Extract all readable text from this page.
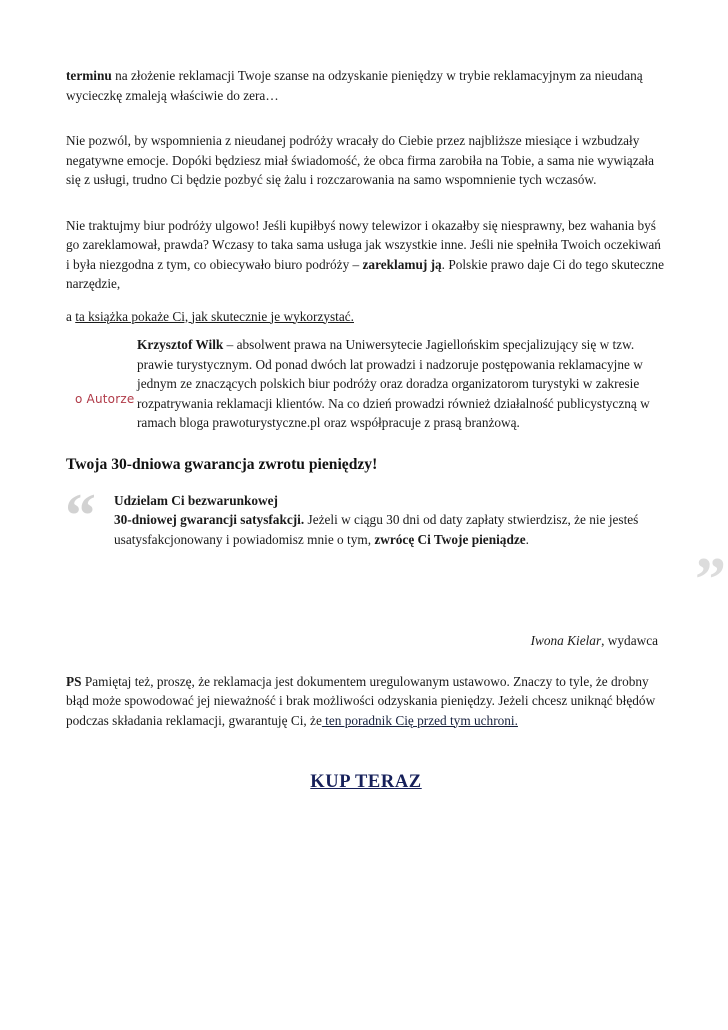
terminu na złożenie reklamacji Twoje szanse na odzyskanie pieniędzy w trybie reklamacyjnym za nieudaną wycieczkę zmaleją właściwie do zera…

Nie pozwól, by wspomnienia z nieudanej podróży wracały do Ciebie przez najbliższe miesiące i wzbudzały negatywne emocje. Dopóki będziesz miał świadomość, że obca firma zarobiła na Tobie, a sama nie wywiązała się z usługi, trudno Ci będzie pozbyć się żalu i rozczarowania na samo wspomnienie tych wczasów.

Nie traktujmy biur podróży ulgowo! Jeśli kupiłbyś nowy telewizor i okazałby się niesprawny, bez wahania byś go zareklamował, prawda? Wczasy to taka sama usługa jak wszystkie inne. Jeśli nie spełniła Twoich oczekiwań i była niezgodna z tym, co obiecywało biuro podróży – zareklamuj ją. Polskie prawo daje Ci do tego skuteczne narzędzie,

a ta książka pokaże Ci, jak skutecznie je wykorzystać.

o Autorze
Krzysztof Wilk – absolwent prawa na Uniwersytecie Jagiellońskim specjalizujący się w tzw. prawie turystycznym. Od ponad dwóch lat prowadzi i nadzoruje postępowania reklamacyjne w jednym ze znaczących polskich biur podróży oraz doradza organizatorom turystyki w zakresie rozpatrywania reklamacji klientów. Na co dzień prowadzi również działalność publicystyczną w ramach bloga prawoturystyczne.pl oraz współpracuje z prasą branżową.
Twoja 30-dniowa gwarancja zwrotu pieniędzy!
“
”
Udzielam Ci bezwarunkowej
30-dniowej gwarancji satysfakcji. Jeżeli w ciągu 30 dni od daty zapłaty stwierdzisz, że nie jesteś usatysfakcjonowany i powiadomisz mnie o tym, zwrócę Ci Twoje pieniądze.
Iwona Kielar, wydawca

PS Pamiętaj też, proszę, że reklamacja jest dokumentem uregulowanym ustawowo. Znaczy to tyle, że drobny błąd może spowodować jej nieważność i brak możliwości odzyskania pieniędzy. Jeżeli chcesz uniknąć błędów podczas składania reklamacji, gwarantuję Ci, że ten poradnik Cię przed tym uchroni.

KUP TERAZ
